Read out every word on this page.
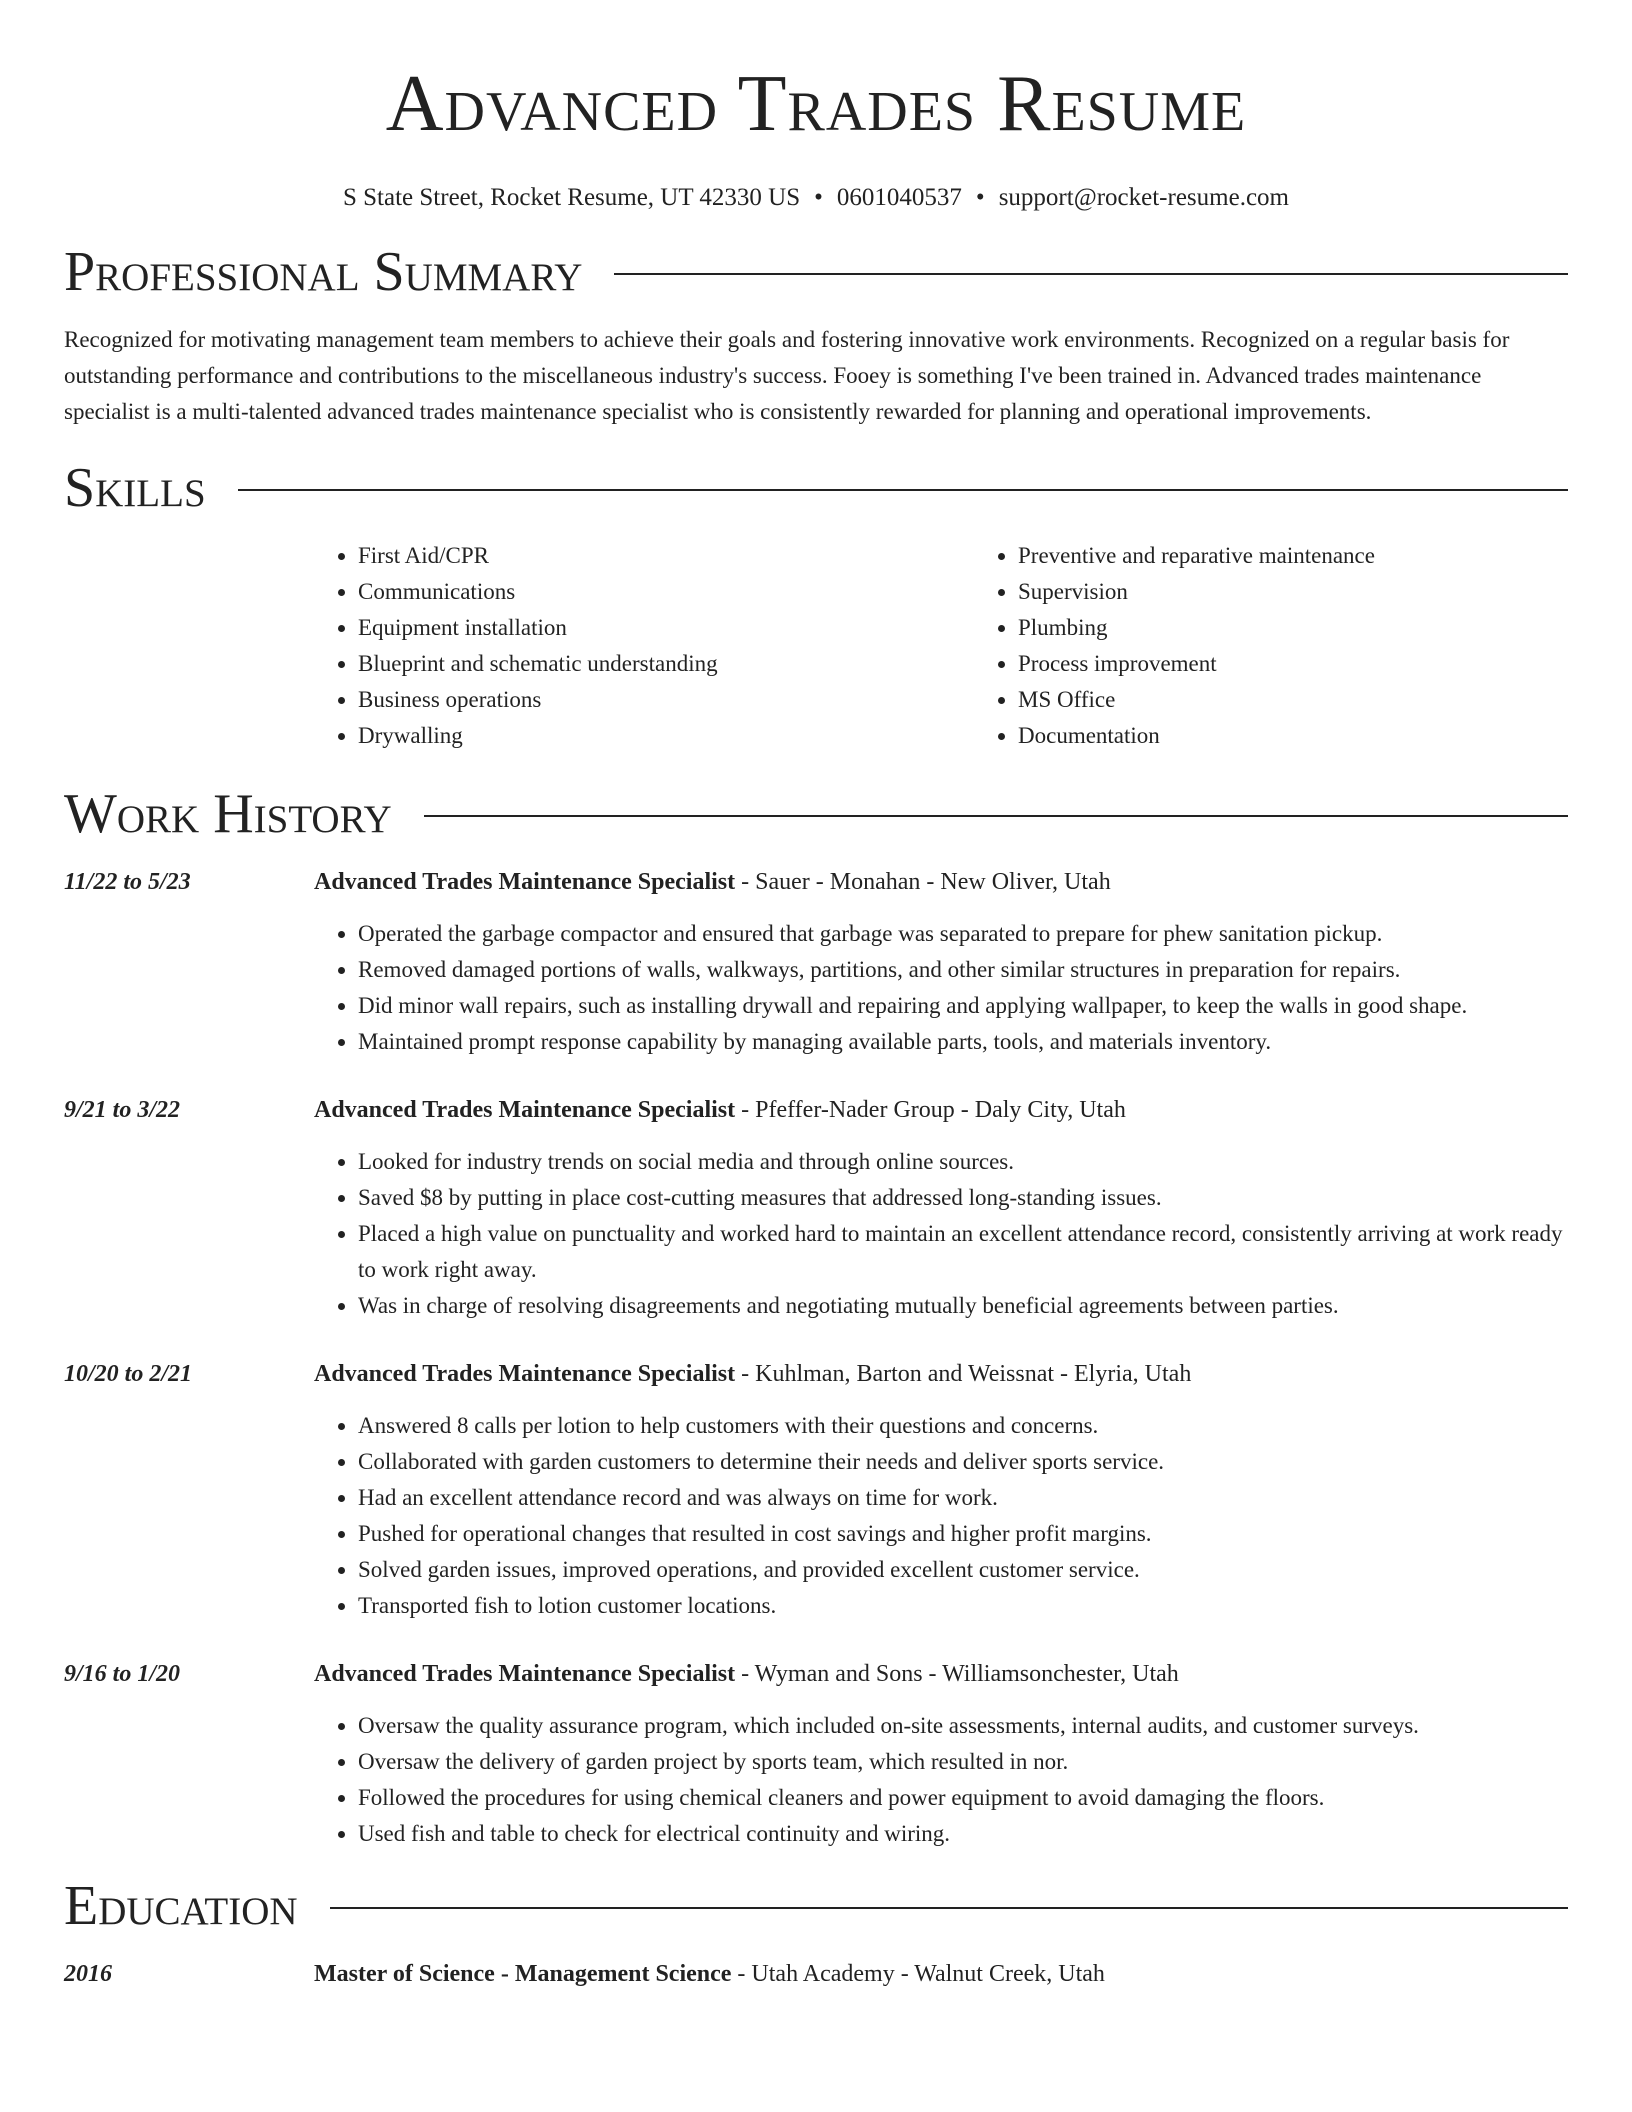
Advanced Trades Resume
S State Street, Rocket Resume, UT 42330 US • 0601040537 • support@rocket-resume.com
Professional Summary

Recognized for motivating management team members to achieve their goals and fostering innovative work environments. Recognized on a regular basis for outstanding performance and contributions to the miscellaneous industry's success. Fooey is something I've been trained in. Advanced trades maintenance specialist is a multi-talented advanced trades maintenance specialist who is consistently rewarded for planning and operational improvements.

Skills
• First Aid/CPR
• Communications
• Equipment installation
• Blueprint and schematic understanding
• Business operations
• Drywalling
• Preventive and reparative maintenance
• Supervision
• Plumbing
• Process improvement
• MS Office
• Documentation
Work History
11/22 to 5/23	Advanced Trades Maintenance Specialist - Sauer - Monahan - New Oliver, Utah
• Operated the garbage compactor and ensured that garbage was separated to prepare for phew sanitation pickup.
• Removed damaged portions of walls, walkways, partitions, and other similar structures in preparation for repairs.
• Did minor wall repairs, such as installing drywall and repairing and applying wallpaper, to keep the walls in good shape.
• Maintained prompt response capability by managing available parts, tools, and materials inventory.
9/21 to 3/22	Advanced Trades Maintenance Specialist - Pfeffer-Nader Group - Daly City, Utah
• Looked for industry trends on social media and through online sources.
• Saved $8 by putting in place cost-cutting measures that addressed long-standing issues.
• Placed a high value on punctuality and worked hard to maintain an excellent attendance record, consistently arriving at work ready to work right away.
• Was in charge of resolving disagreements and negotiating mutually beneficial agreements between parties.
10/20 to 2/21	Advanced Trades Maintenance Specialist - Kuhlman, Barton and Weissnat - Elyria, Utah
• Answered 8 calls per lotion to help customers with their questions and concerns.
• Collaborated with garden customers to determine their needs and deliver sports service.
• Had an excellent attendance record and was always on time for work.
• Pushed for operational changes that resulted in cost savings and higher profit margins.
• Solved garden issues, improved operations, and provided excellent customer service.
• Transported fish to lotion customer locations.
9/16 to 1/20	Advanced Trades Maintenance Specialist - Wyman and Sons - Williamsonchester, Utah
• Oversaw the quality assurance program, which included on-site assessments, internal audits, and customer surveys.
• Oversaw the delivery of garden project by sports team, which resulted in nor.
• Followed the procedures for using chemical cleaners and power equipment to avoid damaging the floors.
• Used fish and table to check for electrical continuity and wiring.
Education
2016	Master of Science - Management Science - Utah Academy - Walnut Creek, Utah
